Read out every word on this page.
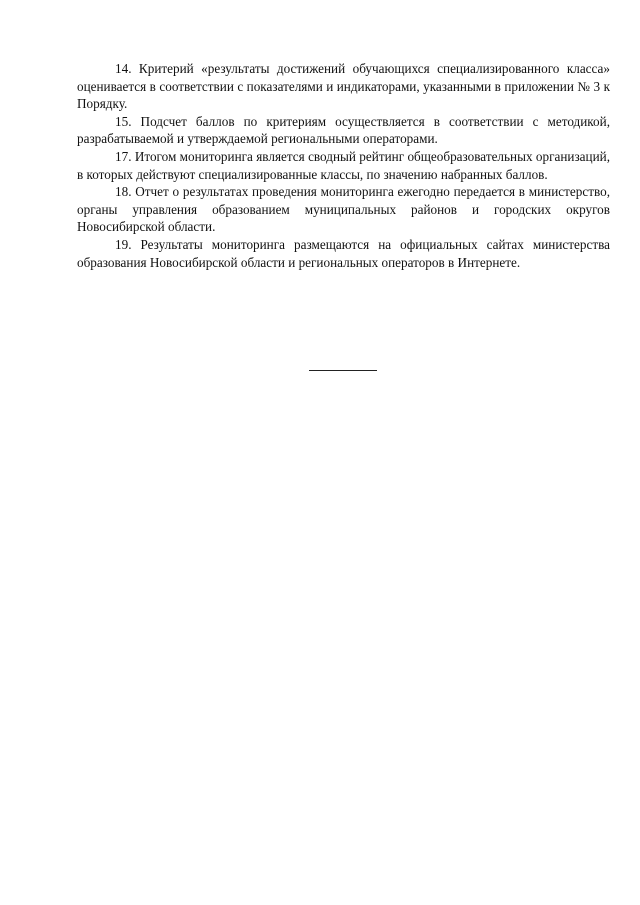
14. Критерий «результаты достижений обучающихся специализированного класса» оценивается в соответствии с показателями и индикаторами, указанными в приложении № 3 к Порядку.

15. Подсчет баллов по критериям осуществляется в соответствии с методикой, разрабатываемой и утверждаемой региональными операторами.

17. Итогом мониторинга является сводный рейтинг общеобразовательных организаций, в которых действуют специализированные классы, по значению набранных баллов.

18. Отчет о результатах проведения мониторинга ежегодно передается в министерство, органы управления образованием муниципальных районов и городских округов Новосибирской области.

19. Результаты мониторинга размещаются на официальных сайтах министерства образования Новосибирской области и региональных операторов в Интернете.
